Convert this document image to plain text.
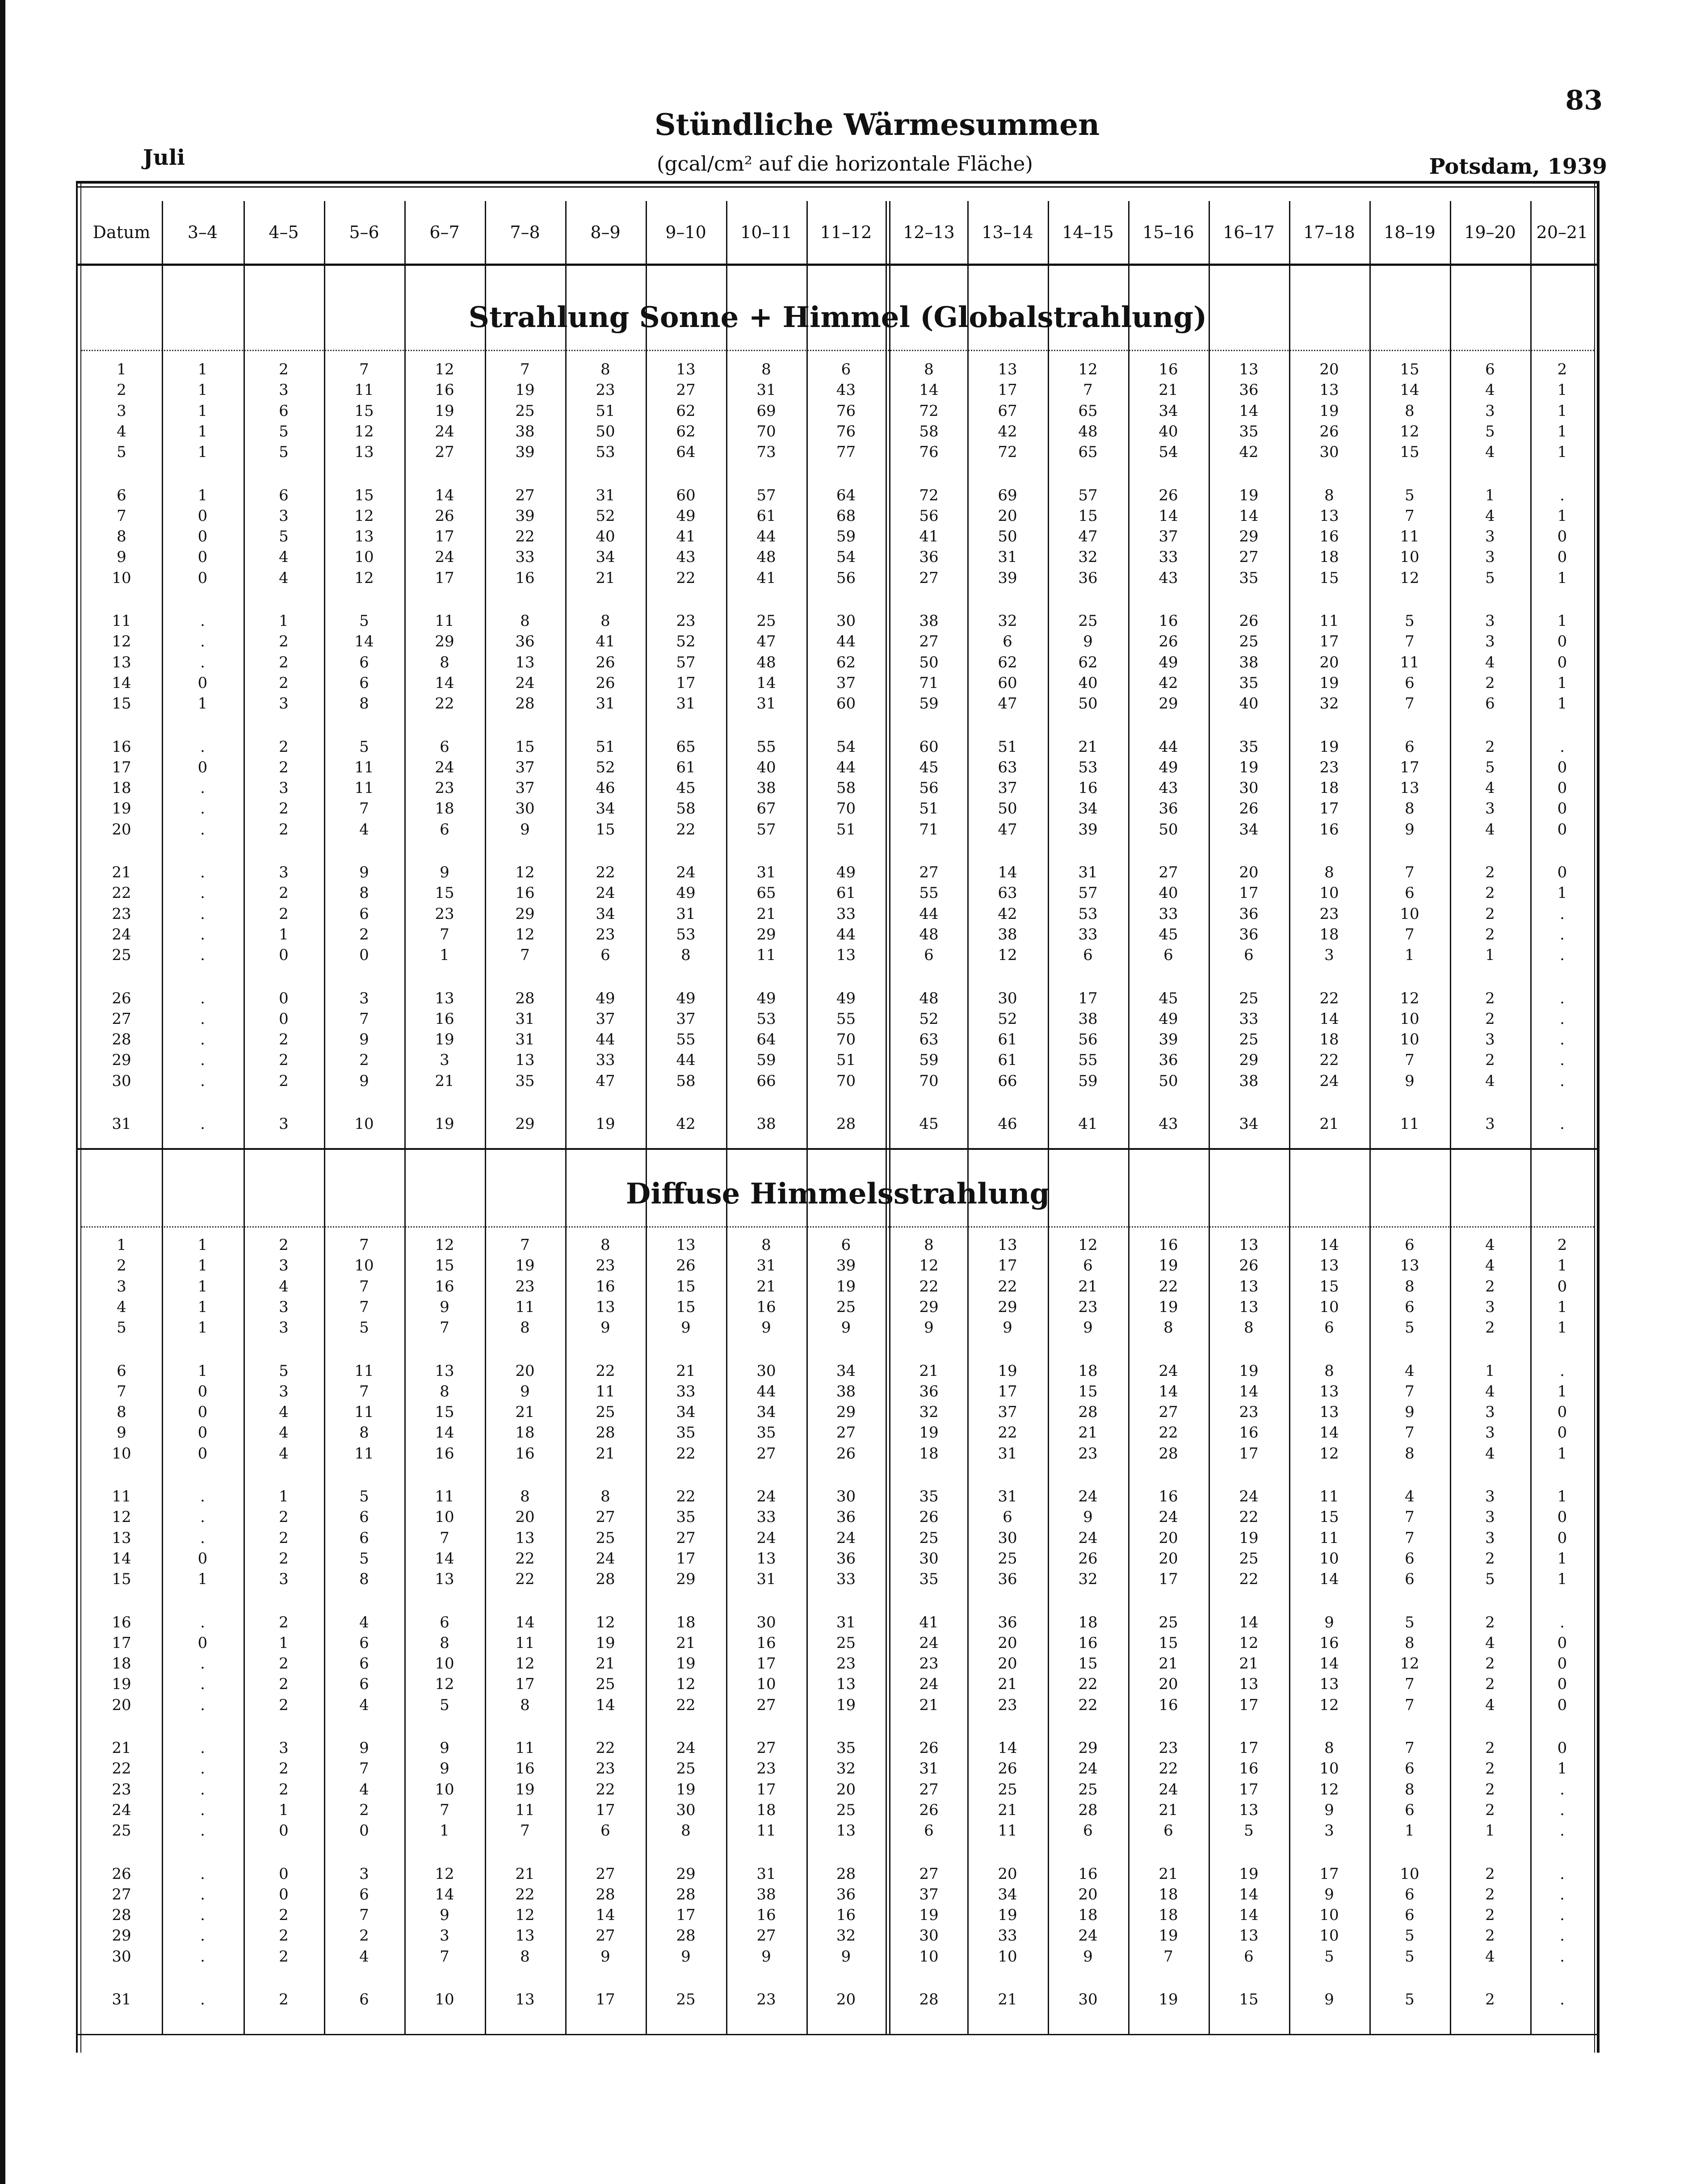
83
Juli
Stündliche Wärmesummen
(gcal/cm² auf die horizontale Fläche)	Potsdam, 1939
Strahlung Sonne + Himmel (Globalstrahlung)
Diffuse Himmelsstrahlung
Datum	3–4	4–5	5–6	6–7	7–8	8–9	9–10	10–11	11–12	12–13	13–14	14–15	15–16	16–17	17–18	18–19	19–20	20–21
1	1	2	7	12	7	8	13	8	6	8	13	12	16	13	20	15	6	2
2	1	3	11	16	19	23	27	31	43	14	17	7	21	36	13	14	4	1
3	1	6	15	19	25	51	62	69	76	72	67	65	34	14	19	8	3	1
4	1	5	12	24	38	50	62	70	76	58	42	48	40	35	26	12	5	1
5	1	5	13	27	39	53	64	73	77	76	72	65	54	42	30	15	4	1
6	1	6	15	14	27	31	60	57	64	72	69	57	26	19	8	5	1	.
7	0	3	12	26	39	52	49	61	68	56	20	15	14	14	13	7	4	1
8	0	5	13	17	22	40	41	44	59	41	50	47	37	29	16	11	3	0
9	0	4	10	24	33	34	43	48	54	36	31	32	33	27	18	10	3	0
10	0	4	12	17	16	21	22	41	56	27	39	36	43	35	15	12	5	1
11	.	1	5	11	8	8	23	25	30	38	32	25	16	26	11	5	3	1
12	.	2	14	29	36	41	52	47	44	27	6	9	26	25	17	7	3	0
13	.	2	6	8	13	26	57	48	62	50	62	62	49	38	20	11	4	0
14	0	2	6	14	24	26	17	14	37	71	60	40	42	35	19	6	2	1
15	1	3	8	22	28	31	31	31	60	59	47	50	29	40	32	7	6	1
16	.	2	5	6	15	51	65	55	54	60	51	21	44	35	19	6	2	.
17	0	2	11	24	37	52	61	40	44	45	63	53	49	19	23	17	5	0
18	.	3	11	23	37	46	45	38	58	56	37	16	43	30	18	13	4	0
19	.	2	7	18	30	34	58	67	70	51	50	34	36	26	17	8	3	0
20	.	2	4	6	9	15	22	57	51	71	47	39	50	34	16	9	4	0
21	.	3	9	9	12	22	24	31	49	27	14	31	27	20	8	7	2	0
22	.	2	8	15	16	24	49	65	61	55	63	57	40	17	10	6	2	1
23	.	2	6	23	29	34	31	21	33	44	42	53	33	36	23	10	2	.
24	.	1	2	7	12	23	53	29	44	48	38	33	45	36	18	7	2	.
25	.	0	0	1	7	6	8	11	13	6	12	6	6	6	3	1	1	.
26	.	0	3	13	28	49	49	49	49	48	30	17	45	25	22	12	2	.
27	.	0	7	16	31	37	37	53	55	52	52	38	49	33	14	10	2	.
28	.	2	9	19	31	44	55	64	70	63	61	56	39	25	18	10	3	.
29	.	2	2	3	13	33	44	59	51	59	61	55	36	29	22	7	2	.
30	.	2	9	21	35	47	58	66	70	70	66	59	50	38	24	9	4	.
31	.	3	10	19	29	19	42	38	28	45	46	41	43	34	21	11	3	.
1	1	2	7	12	7	8	13	8	6	8	13	12	16	13	14	6	4	2
2	1	3	10	15	19	23	26	31	39	12	17	6	19	26	13	13	4	1
3	1	4	7	16	23	16	15	21	19	22	22	21	22	13	15	8	2	0
4	1	3	7	9	11	13	15	16	25	29	29	23	19	13	10	6	3	1
5	1	3	5	7	8	9	9	9	9	9	9	9	8	8	6	5	2	1
6	1	5	11	13	20	22	21	30	34	21	19	18	24	19	8	4	1	.
7	0	3	7	8	9	11	33	44	38	36	17	15	14	14	13	7	4	1
8	0	4	11	15	21	25	34	34	29	32	37	28	27	23	13	9	3	0
9	0	4	8	14	18	28	35	35	27	19	22	21	22	16	14	7	3	0
10	0	4	11	16	16	21	22	27	26	18	31	23	28	17	12	8	4	1
11	.	1	5	11	8	8	22	24	30	35	31	24	16	24	11	4	3	1
12	.	2	6	10	20	27	35	33	36	26	6	9	24	22	15	7	3	0
13	.	2	6	7	13	25	27	24	24	25	30	24	20	19	11	7	3	0
14	0	2	5	14	22	24	17	13	36	30	25	26	20	25	10	6	2	1
15	1	3	8	13	22	28	29	31	33	35	36	32	17	22	14	6	5	1
16	.	2	4	6	14	12	18	30	31	41	36	18	25	14	9	5	2	.
17	0	1	6	8	11	19	21	16	25	24	20	16	15	12	16	8	4	0
18	.	2	6	10	12	21	19	17	23	23	20	15	21	21	14	12	2	0
19	.	2	6	12	17	25	12	10	13	24	21	22	20	13	13	7	2	0
20	.	2	4	5	8	14	22	27	19	21	23	22	16	17	12	7	4	0
21	.	3	9	9	11	22	24	27	35	26	14	29	23	17	8	7	2	0
22	.	2	7	9	16	23	25	23	32	31	26	24	22	16	10	6	2	1
23	.	2	4	10	19	22	19	17	20	27	25	25	24	17	12	8	2	.
24	.	1	2	7	11	17	30	18	25	26	21	28	21	13	9	6	2	.
25	.	0	0	1	7	6	8	11	13	6	11	6	6	5	3	1	1	.
26	.	0	3	12	21	27	29	31	28	27	20	16	21	19	17	10	2	.
27	.	0	6	14	22	28	28	38	36	37	34	20	18	14	9	6	2	.
28	.	2	7	9	12	14	17	16	16	19	19	18	18	14	10	6	2	.
29	.	2	2	3	13	27	28	27	32	30	33	24	19	13	10	5	2	.
30	.	2	4	7	8	9	9	9	9	10	10	9	7	6	5	5	4	.
31	.	2	6	10	13	17	25	23	20	28	21	30	19	15	9	5	2	.
